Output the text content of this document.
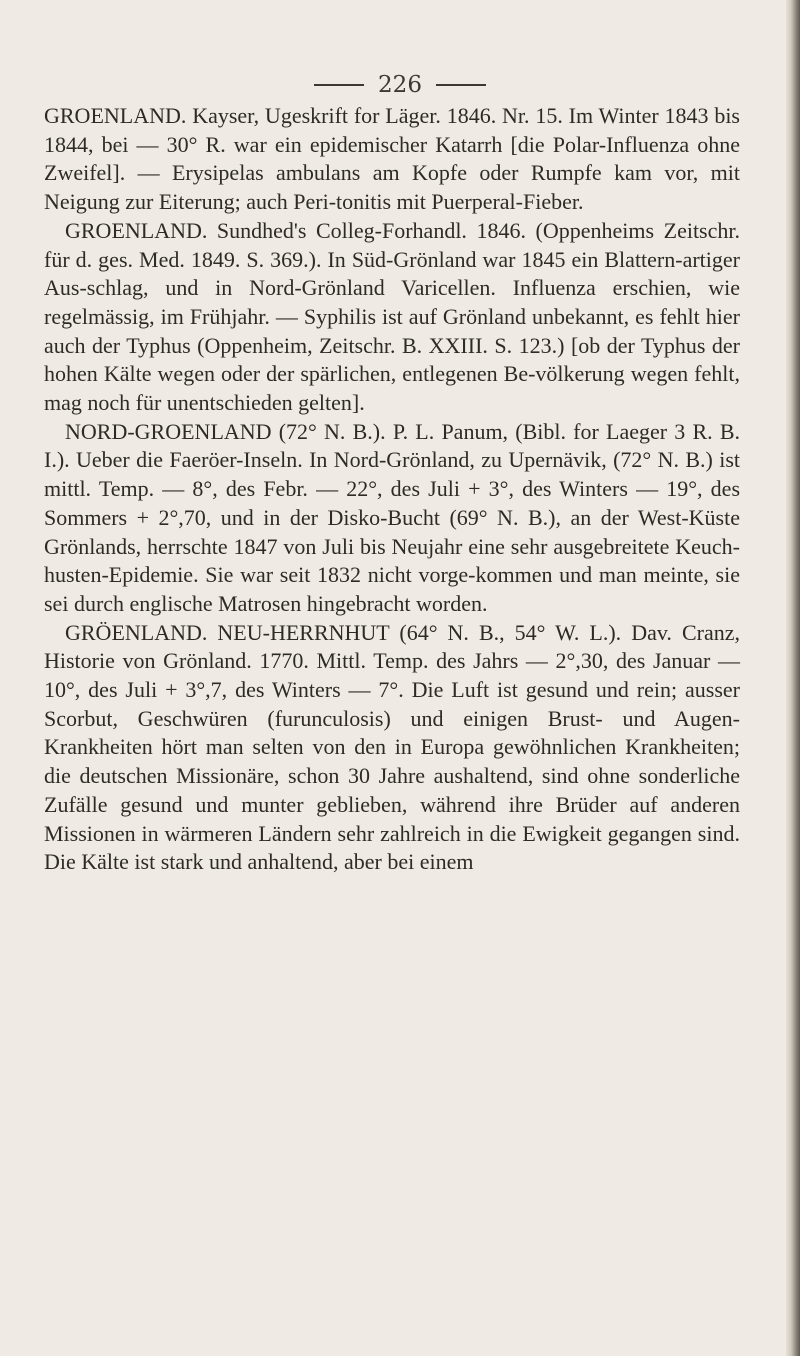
226

GROENLAND. Kayser, Ugeskrift for Läger. 1846. Nr. 15. Im Winter 1843 bis 1844, bei — 30° R. war ein epidemischer Katarrh [die Polar-Influenza ohne Zweifel]. — Erysipelas ambulans am Kopfe oder Rumpfe kam vor, mit Neigung zur Eiterung; auch Peri-tonitis mit Puerperal-Fieber.

GROENLAND. Sundhed's Colleg-Forhandl. 1846. (Oppenheims Zeitschr. für d. ges. Med. 1849. S. 369.). In Süd-Grönland war 1845 ein Blattern-artiger Aus-schlag, und in Nord-Grönland Varicellen. Influenza erschien, wie regelmässig, im Frühjahr. — Syphilis ist auf Grönland unbekannt, es fehlt hier auch der Typhus (Oppenheim, Zeitschr. B. XXIII. S. 123.) [ob der Typhus der hohen Kälte wegen oder der spärlichen, entlegenen Be-völkerung wegen fehlt, mag noch für unentschieden gelten].

NORD-GROENLAND (72° N. B.). P. L. Panum, (Bibl. for Laeger 3 R. B. I.). Ueber die Faeröer-Inseln. In Nord-Grönland, zu Upernävik, (72° N. B.) ist mittl. Temp. — 8°, des Febr. — 22°, des Juli + 3°, des Winters — 19°, des Sommers + 2°,70, und in der Disko-Bucht (69° N. B.), an der West-Küste Grönlands, herrschte 1847 von Juli bis Neujahr eine sehr ausgebreitete Keuch-husten-Epidemie. Sie war seit 1832 nicht vorge-kommen und man meinte, sie sei durch englische Matrosen hingebracht worden.

GRÖENLAND. NEU-HERRNHUT (64° N. B., 54° W. L.). Dav. Cranz, Historie von Grönland. 1770. Mittl. Temp. des Jahrs — 2°,30, des Januar — 10°, des Juli + 3°,7, des Winters — 7°. Die Luft ist gesund und rein; ausser Scorbut, Geschwüren (furunculosis) und einigen Brust- und Augen-Krankheiten hört man selten von den in Europa gewöhnlichen Krankheiten; die deutschen Missionäre, schon 30 Jahre aushaltend, sind ohne sonderliche Zufälle gesund und munter geblieben, während ihre Brüder auf anderen Missionen in wärmeren Ländern sehr zahlreich in die Ewigkeit gegangen sind. Die Kälte ist stark und anhaltend, aber bei einem
